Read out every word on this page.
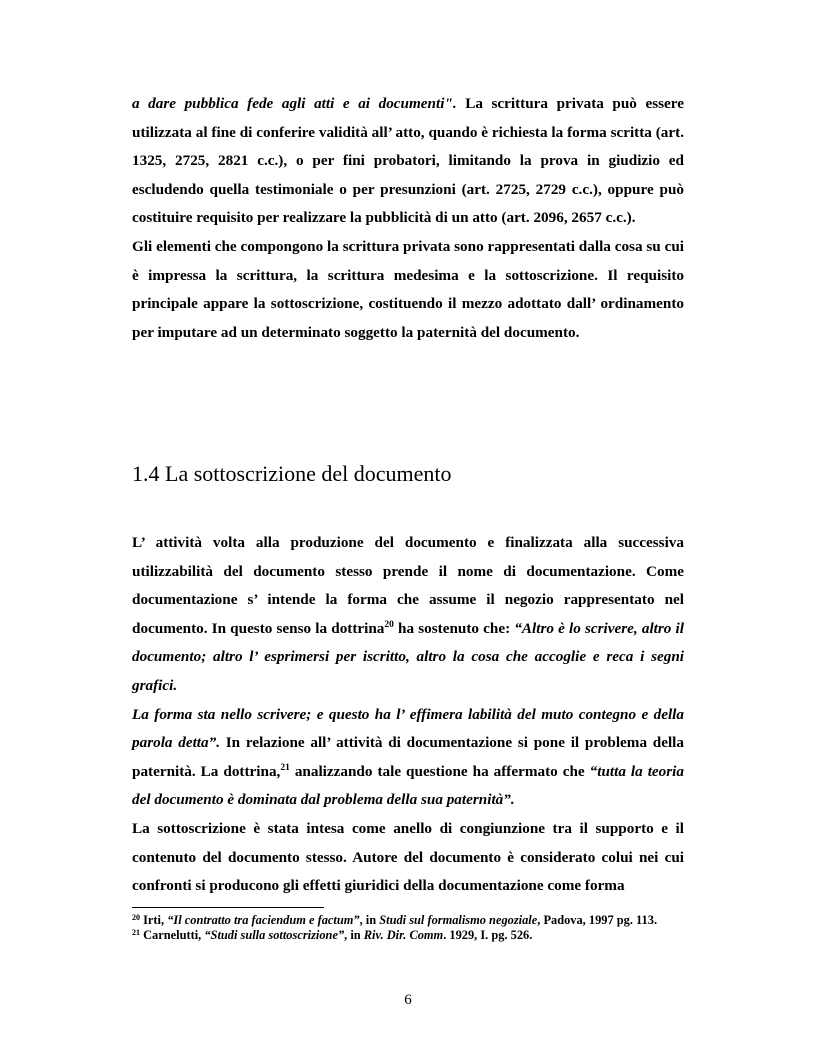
a dare pubblica fede agli atti e ai documenti". La scrittura privata può essere utilizzata al fine di conferire validità all’ atto, quando è richiesta la forma scritta (art. 1325, 2725, 2821 c.c.), o per fini probatori, limitando la prova in giudizio ed escludendo quella testimoniale o per presunzioni (art. 2725, 2729 c.c.), oppure può costituire requisito per realizzare la pubblicità di un atto (art. 2096, 2657 c.c.).

Gli elementi che compongono la scrittura privata sono rappresentati dalla cosa su cui è impressa la scrittura, la scrittura medesima e la sottoscrizione. Il requisito principale appare la sottoscrizione, costituendo il mezzo adottato dall’ ordinamento per imputare ad un determinato soggetto la paternità del documento.

1.4 La sottoscrizione del documento

L’ attività volta alla produzione del documento e finalizzata alla successiva utilizzabilità del documento stesso prende il nome di documentazione. Come documentazione s’ intende la forma che assume il negozio rappresentato nel documento. In questo senso la dottrina$^{20}$ ha sostenuto che: “Altro è lo scrivere, altro il documento; altro l’ esprimersi per iscritto, altro la cosa che accoglie e reca i segni grafici.

La forma sta nello scrivere; e questo ha l’ effimera labilità del muto contegno e della parola detta”. In relazione all’ attività di documentazione si pone il problema della paternità. La dottrina,$^{21}$ analizzando tale questione ha affermato che “tutta la teoria del documento è dominata dal problema della sua paternità”.

La sottoscrizione è stata intesa come anello di congiunzione tra il supporto e il contenuto del documento stesso. Autore del documento è considerato colui nei cui confronti si producono gli effetti giuridici della documentazione come forma

$^{20}$ Irti, “Il contratto tra faciendum e factum”, in Studi sul formalismo negoziale, Padova, 1997 pg. 113.

$^{21}$ Carnelutti, “Studi sulla sottoscrizione”, in Riv. Dir. Comm. 1929, I. pg. 526.

6
